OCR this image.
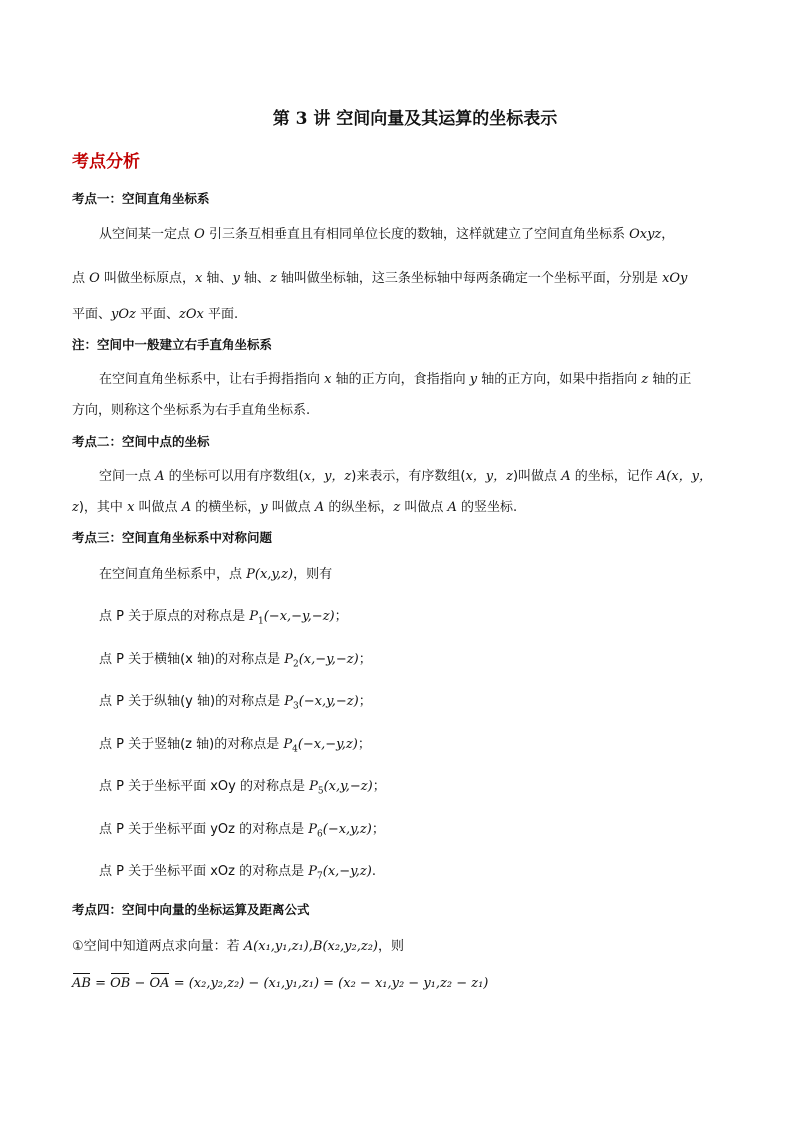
第 3 讲 空间向量及其运算的坐标表示
考点分析
考点一：空间直角坐标系
从空间某一定点 O 引三条互相垂直且有相同单位长度的数轴，这样就建立了空间直角坐标系 Oxyz，
点 O 叫做坐标原点，x 轴、y 轴、z 轴叫做坐标轴，这三条坐标轴中每两条确定一个坐标平面，分别是 xOy
平面、yOz 平面、zOx 平面.
注：空间中一般建立右手直角坐标系
在空间直角坐标系中，让右手拇指指向 x 轴的正方向，食指指向 y 轴的正方向，如果中指指向 z 轴的正
方向，则称这个坐标系为右手直角坐标系.
考点二：空间中点的坐标
空间一点 A 的坐标可以用有序数组(x，y，z)来表示，有序数组(x，y，z)叫做点 A 的坐标，记作 A(x，y，
z)，其中 x 叫做点 A 的横坐标，y 叫做点 A 的纵坐标，z 叫做点 A 的竖坐标.
考点三：空间直角坐标系中对称问题
在空间直角坐标系中，点 P(x,y,z)，则有
点 P 关于原点的对称点是 $P_1(-x,-y,-z)$；
点 P 关于横轴(x 轴)的对称点是 $P_2(x,-y,-z)$；
点 P 关于纵轴(y 轴)的对称点是 $P_3(-x,y,-z)$；
点 P 关于竖轴(z 轴)的对称点是 $P_4(-x,-y,z)$；
点 P 关于坐标平面 xOy 的对称点是 $P_5(x,y,-z)$；
点 P 关于坐标平面 yOz 的对称点是 $P_6(-x,y,z)$；
点 P 关于坐标平面 xOz 的对称点是 $P_7(x,-y,z)$.
考点四：空间中向量的坐标运算及距离公式
①空间中知道两点求向量：若 A(x₁,y₁,z₁),B(x₂,y₂,z₂)，则
AB = OB − OA = (x₂,y₂,z₂) − (x₁,y₁,z₁) = (x₂ − x₁,y₂ − y₁,z₂ − z₁)
